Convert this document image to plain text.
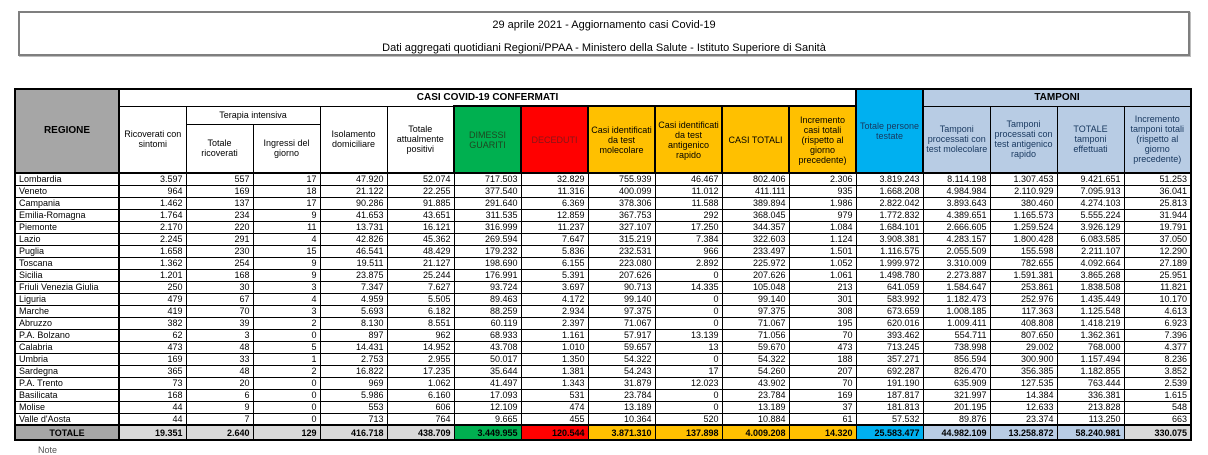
29 aprile 2021 - Aggiornamento casi Covid-19
Dati aggregati quotidiani Regioni/PPAA - Ministero della Salute - Istituto Superiore di Sanità
REGIONE	CASI COVID-19 CONFERMATI											Totale persone testate	TAMPONI			
	Ricoverati con sintomi	Terapia intensiva		Isolamento domiciliare	Totale attualmente positivi	DIMESSI GUARITI	DECEDUTI	Casi identificati da test molecolare	Casi identificati da test antigenico rapido	CASI TOTALI	Incremento casi totali (rispetto al giorno precedente)		Tamponi processati con test molecolare	Tamponi processati con test antigenico rapido	TOTALE tamponi effettuati	Incremento tamponi totali (rispetto al giorno precedente)
		Totale ricoverati	Ingressi del giorno													
Lombardia	3.597	557	17	47.920	52.074	717.503	32.829	755.939	46.467	802.406	2.306	3.819.243	8.114.198	1.307.453	9.421.651	51.253
Veneto	964	169	18	21.122	22.255	377.540	11.316	400.099	11.012	411.111	935	1.668.208	4.984.984	2.110.929	7.095.913	36.041
Campania	1.462	137	17	90.286	91.885	291.640	6.369	378.306	11.588	389.894	1.986	2.822.042	3.893.643	380.460	4.274.103	25.813
Emilia-Romagna	1.764	234	9	41.653	43.651	311.535	12.859	367.753	292	368.045	979	1.772.832	4.389.651	1.165.573	5.555.224	31.944
Piemonte	2.170	220	11	13.731	16.121	316.999	11.237	327.107	17.250	344.357	1.084	1.684.101	2.666.605	1.259.524	3.926.129	19.791
Lazio	2.245	291	4	42.826	45.362	269.594	7.647	315.219	7.384	322.603	1.124	3.908.381	4.283.157	1.800.428	6.083.585	37.050
Puglia	1.658	230	15	46.541	48.429	179.232	5.836	232.531	966	233.497	1.501	1.116.575	2.055.509	155.598	2.211.107	12.290
Toscana	1.362	254	9	19.511	21.127	198.690	6.155	223.080	2.892	225.972	1.052	1.999.972	3.310.009	782.655	4.092.664	27.189
Sicilia	1.201	168	9	23.875	25.244	176.991	5.391	207.626	0	207.626	1.061	1.498.780	2.273.887	1.591.381	3.865.268	25.951
Friuli Venezia Giulia	250	30	3	7.347	7.627	93.724	3.697	90.713	14.335	105.048	213	641.059	1.584.647	253.861	1.838.508	11.821
Liguria	479	67	4	4.959	5.505	89.463	4.172	99.140	0	99.140	301	583.992	1.182.473	252.976	1.435.449	10.170
Marche	419	70	3	5.693	6.182	88.259	2.934	97.375	0	97.375	308	673.659	1.008.185	117.363	1.125.548	4.613
Abruzzo	382	39	2	8.130	8.551	60.119	2.397	71.067	0	71.067	195	620.016	1.009.411	408.808	1.418.219	6.923
P.A. Bolzano	62	3	0	897	962	68.933	1.161	57.917	13.139	71.056	70	393.462	554.711	807.650	1.362.361	7.396
Calabria	473	48	5	14.431	14.952	43.708	1.010	59.657	13	59.670	473	713.245	738.998	29.002	768.000	4.377
Umbria	169	33	1	2.753	2.955	50.017	1.350	54.322	0	54.322	188	357.271	856.594	300.900	1.157.494	8.236
Sardegna	365	48	2	16.822	17.235	35.644	1.381	54.243	17	54.260	207	692.287	826.470	356.385	1.182.855	3.852
P.A. Trento	73	20	0	969	1.062	41.497	1.343	31.879	12.023	43.902	70	191.190	635.909	127.535	763.444	2.539
Basilicata	168	6	0	5.986	6.160	17.093	531	23.784	0	23.784	169	187.817	321.997	14.384	336.381	1.615
Molise	44	9	0	553	606	12.109	474	13.189	0	13.189	37	181.813	201.195	12.633	213.828	548
Valle d'Aosta	44	7	0	713	764	9.665	455	10.364	520	10.884	61	57.532	89.876	23.374	113.250	663
TOTALE	19.351	2.640	129	416.718	438.709	3.449.955	120.544	3.871.310	137.898	4.009.208	14.320	25.583.477	44.982.109	13.258.872	58.240.981	330.075
Note
